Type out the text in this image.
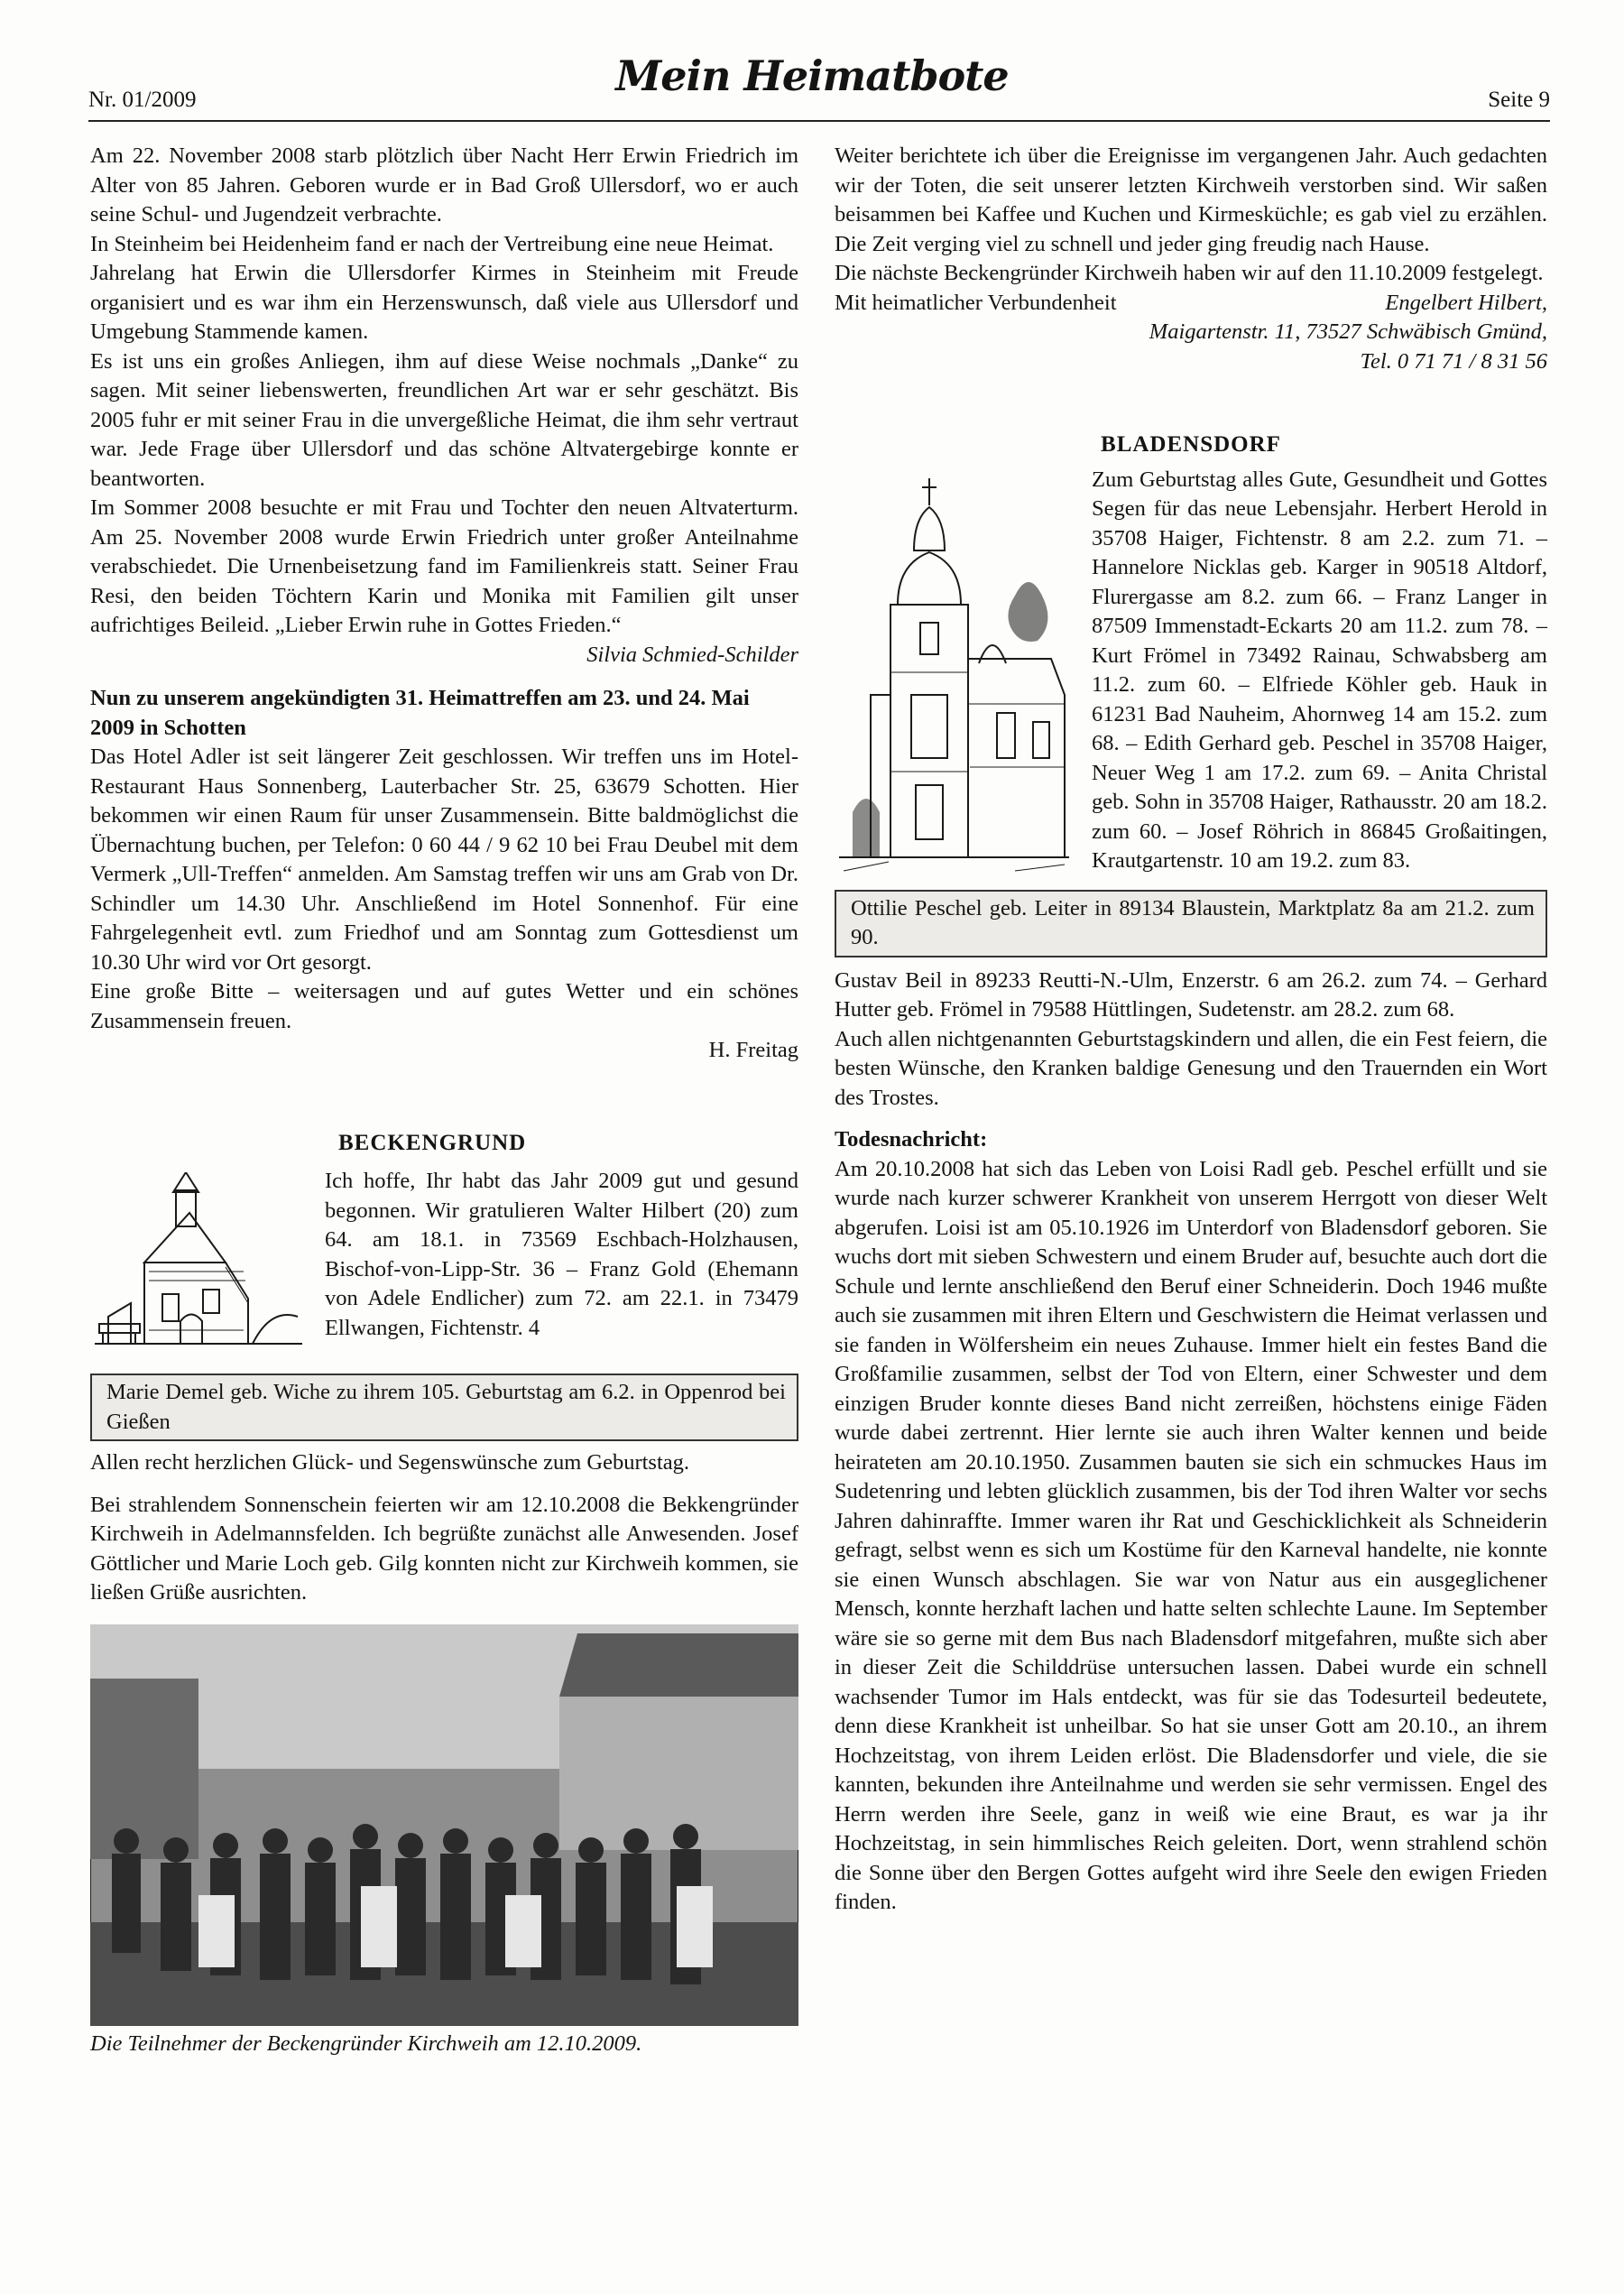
Nr. 01/2009	Mein Heimatbote	Seite 9

Am 22. November 2008 starb plötzlich über Nacht Herr Erwin Friedrich im Alter von 85 Jahren. Geboren wurde er in Bad Groß Ullersdorf, wo er auch seine Schul- und Jugendzeit verbrachte.

In Steinheim bei Heidenheim fand er nach der Vertreibung eine neue Heimat.

Jahrelang hat Erwin die Ullersdorfer Kirmes in Steinheim mit Freude organisiert und es war ihm ein Herzenswunsch, daß viele aus Ullersdorf und Umgebung Stammende kamen.

Es ist uns ein großes Anliegen, ihm auf diese Weise nochmals „Danke“ zu sagen. Mit seiner liebenswerten, freundlichen Art war er sehr geschätzt. Bis 2005 fuhr er mit seiner Frau in die unvergeßliche Heimat, die ihm sehr vertraut war. Jede Frage über Ullersdorf und das schöne Altvatergebirge konnte er beantworten.

Im Sommer 2008 besuchte er mit Frau und Tochter den neuen Altvaterturm. Am 25. November 2008 wurde Erwin Friedrich unter großer Anteilnahme verabschiedet. Die Urnenbeisetzung fand im Familienkreis statt. Seiner Frau Resi, den beiden Töchtern Karin und Monika mit Familien gilt unser aufrichtiges Beileid. „Lieber Erwin ruhe in Gottes Frieden.“

Silvia Schmied-Schilder

Nun zu unserem angekündigten 31. Heimattreffen am 23. und 24. Mai 2009 in Schotten

Das Hotel Adler ist seit längerer Zeit geschlossen. Wir treffen uns im Hotel-Restaurant Haus Sonnenberg, Lauterbacher Str. 25, 63679 Schotten. Hier bekommen wir einen Raum für unser Zusammensein. Bitte baldmöglichst die Übernachtung buchen, per Telefon: 0 60 44 / 9 62 10 bei Frau Deubel mit dem Vermerk „Ull-Treffen“ anmelden. Am Samstag treffen wir uns am Grab von Dr. Schindler um 14.30 Uhr. Anschließend im Hotel Sonnenhof. Für eine Fahrgelegenheit evtl. zum Friedhof und am Sonntag zum Gottesdienst um 10.30 Uhr wird vor Ort gesorgt.

Eine große Bitte – weitersagen und auf gutes Wetter und ein schönes Zusammensein freuen.

H. Freitag

BECKENGRUND

Ich hoffe, Ihr habt das Jahr 2009 gut und gesund begonnen. Wir gratulieren Walter Hilbert (20) zum 64. am 18.1. in 73569 Eschbach-Holzhausen, Bischof-von-Lipp-Str. 36 – Franz Gold (Ehemann von Adele Endlicher) zum 72. am 22.1. in 73479 Ellwangen, Fichtenstr. 4

Marie Demel geb. Wiche zu ihrem 105. Geburtstag am 6.2. in Oppenrod bei Gießen

Allen recht herzlichen Glück- und Segenswünsche zum Geburtstag.

Bei strahlendem Sonnenschein feierten wir am 12.10.2008 die Bekkengründer Kirchweih in Adelmannsfelden. Ich begrüßte zunächst alle Anwesenden. Josef Göttlicher und Marie Loch geb. Gilg konnten nicht zur Kirchweih kommen, sie ließen Grüße ausrichten.

Die Teilnehmer der Beckengründer Kirchweih am 12.10.2009.

Weiter berichtete ich über die Ereignisse im vergangenen Jahr. Auch gedachten wir der Toten, die seit unserer letzten Kirchweih verstorben sind. Wir saßen beisammen bei Kaffee und Kuchen und Kirmesküchle; es gab viel zu erzählen. Die Zeit verging viel zu schnell und jeder ging freudig nach Hause.

Die nächste Beckengründer Kirchweih haben wir auf den 11.10.2009 festgelegt.

Mit heimatlicher Verbundenheit	Engelbert Hilbert,

Maigartenstr. 11, 73527 Schwäbisch Gmünd,

Tel. 0 71 71 / 8 31 56

BLADENSDORF

Zum Geburtstag alles Gute, Gesundheit und Gottes Segen für das neue Lebensjahr. Herbert Herold in 35708 Haiger, Fichtenstr. 8 am 2.2. zum 71. – Hannelore Nicklas geb. Karger in 90518 Altdorf, Flurergasse am 8.2. zum 66. – Franz Langer in 87509 Immenstadt-Eckarts 20 am 11.2. zum 78. – Kurt Frömel in 73492 Rainau, Schwabsberg am 11.2. zum 60. – Elfriede Köhler geb. Hauk in 61231 Bad Nauheim, Ahornweg 14 am 15.2. zum 68. – Edith Gerhard geb. Peschel in 35708 Haiger, Neuer Weg 1 am 17.2. zum 69. – Anita Christal geb. Sohn in 35708 Haiger, Rathausstr. 20 am 18.2. zum 60. – Josef Röhrich in 86845 Großaitingen, Krautgartenstr. 10 am 19.2. zum 83.

Ottilie Peschel geb. Leiter in 89134 Blaustein, Marktplatz 8a am 21.2. zum 90.

Gustav Beil in 89233 Reutti-N.-Ulm, Enzerstr. 6 am 26.2. zum 74. – Gerhard Hutter geb. Frömel in 79588 Hüttlingen, Sudetenstr. am 28.2. zum 68.

Auch allen nichtgenannten Geburtstagskindern und allen, die ein Fest feiern, die besten Wünsche, den Kranken baldige Genesung und den Trauernden ein Wort des Trostes.

Todesnachricht:

Am 20.10.2008 hat sich das Leben von Loisi Radl geb. Peschel erfüllt und sie wurde nach kurzer schwerer Krankheit von unserem Herrgott von dieser Welt abgerufen. Loisi ist am 05.10.1926 im Unterdorf von Bladensdorf geboren. Sie wuchs dort mit sieben Schwestern und einem Bruder auf, besuchte auch dort die Schule und lernte anschließend den Beruf einer Schneiderin. Doch 1946 mußte auch sie zusammen mit ihren Eltern und Geschwistern die Heimat verlassen und sie fanden in Wölfersheim ein neues Zuhause. Immer hielt ein festes Band die Großfamilie zusammen, selbst der Tod von Eltern, einer Schwester und dem einzigen Bruder konnte dieses Band nicht zerreißen, höchstens einige Fäden wurde dabei zertrennt. Hier lernte sie auch ihren Walter kennen und beide heirateten am 20.10.1950. Zusammen bauten sie sich ein schmuckes Haus im Sudetenring und lebten glücklich zusammen, bis der Tod ihren Walter vor sechs Jahren dahinraffte. Immer waren ihr Rat und Geschicklichkeit als Schneiderin gefragt, selbst wenn es sich um Kostüme für den Karneval handelte, nie konnte sie einen Wunsch abschlagen. Sie war von Natur aus ein ausgeglichener Mensch, konnte herzhaft lachen und hatte selten schlechte Laune. Im September wäre sie so gerne mit dem Bus nach Bladensdorf mitgefahren, mußte sich aber in dieser Zeit die Schilddrüse untersuchen lassen. Dabei wurde ein schnell wachsender Tumor im Hals entdeckt, was für sie das Todesurteil bedeutete, denn diese Krankheit ist unheilbar. So hat sie unser Gott am 20.10., an ihrem Hochzeitstag, von ihrem Leiden erlöst. Die Bladensdorfer und viele, die sie kannten, bekunden ihre Anteilnahme und werden sie sehr vermissen. Engel des Herrn werden ihre Seele, ganz in weiß wie eine Braut, es war ja ihr Hochzeitstag, in sein himmlisches Reich geleiten. Dort, wenn strahlend schön die Sonne über den Bergen Gottes aufgeht wird ihre Seele den ewigen Frieden finden.
